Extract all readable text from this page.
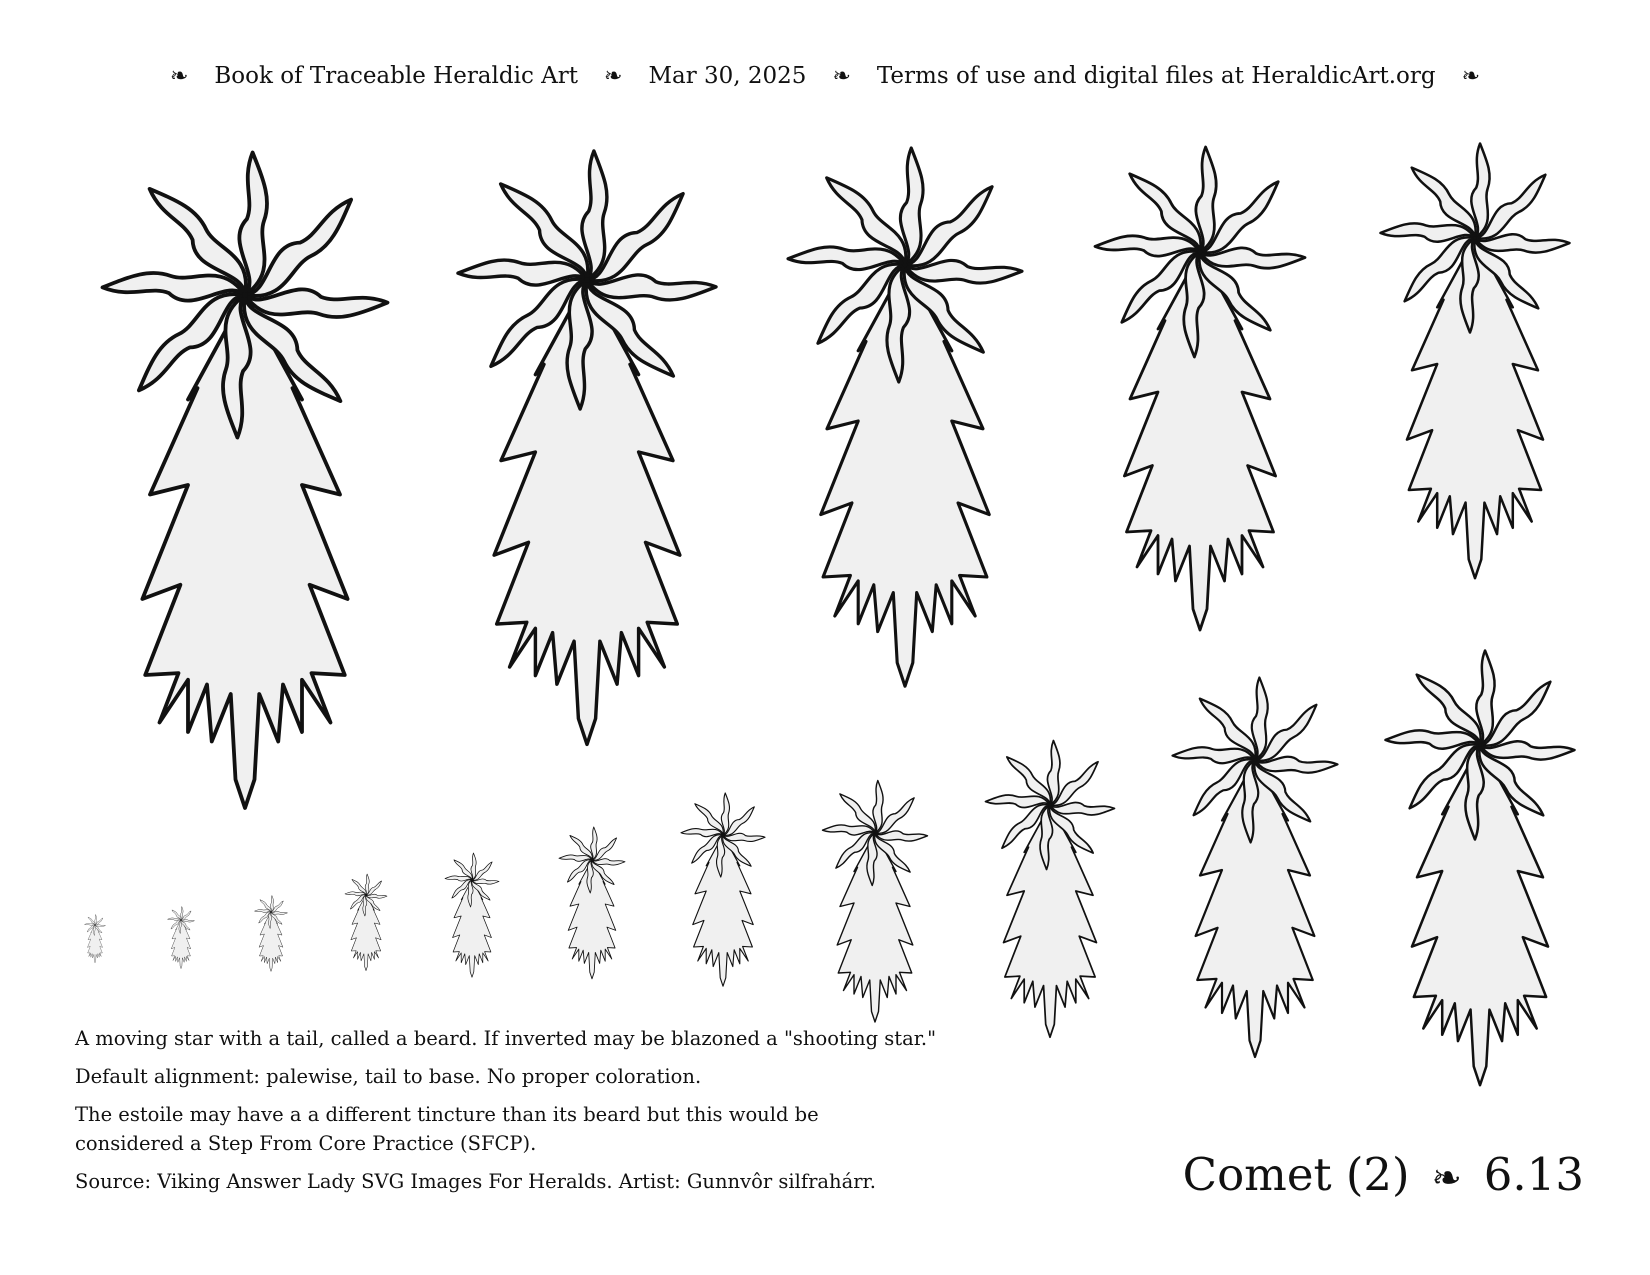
❧ Book of Traceable Heraldic Art ❧ Mar 30, 2025 ❧ Terms of use and digital files at HeraldicArt.org ❧

A moving star with a tail, called a beard. If inverted may be blazoned a "shooting star."

Default alignment: palewise, tail to base. No proper coloration.

The estoile may have a a different tincture than its beard but this would be considered a Step From Core Practice (SFCP).

Source: Viking Answer Lady SVG Images For Heralds. Artist: Gunnvôr silfrahárr.	Comet (2) ❧ 6.13
